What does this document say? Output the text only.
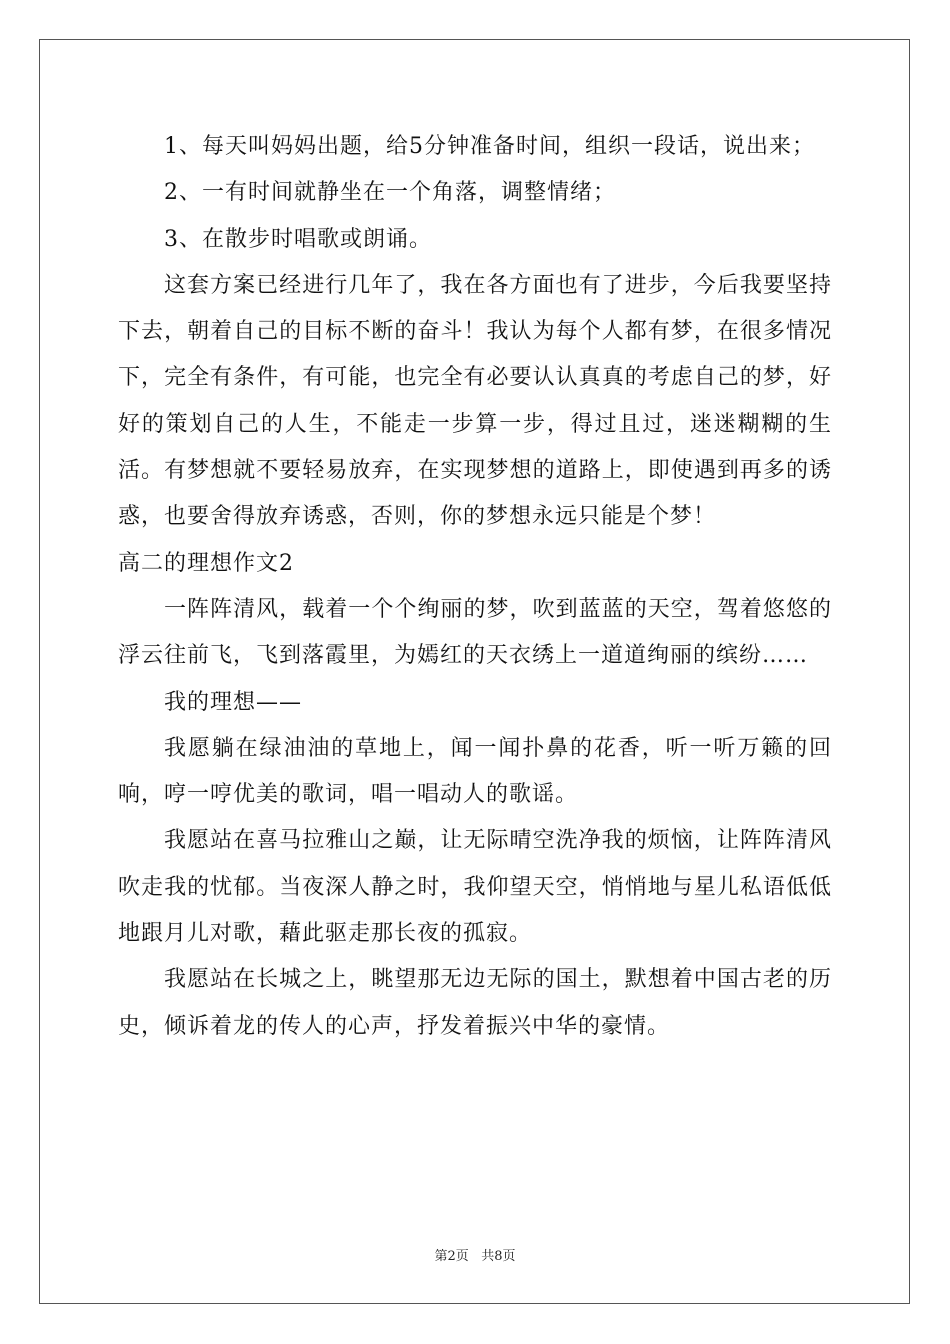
1、每天叫妈妈出题，给5分钟准备时间，组织一段话，说出来；

2、一有时间就静坐在一个角落，调整情绪；

3、在散步时唱歌或朗诵。

这套方案已经进行几年了，我在各方面也有了进步，今后我要坚持下去，朝着自己的目标不断的奋斗！我认为每个人都有梦，在很多情况下，完全有条件，有可能，也完全有必要认认真真的考虑自己的梦，好好的策划自己的人生，不能走一步算一步，得过且过，迷迷糊糊的生活。有梦想就不要轻易放弃，在实现梦想的道路上，即使遇到再多的诱惑，也要舍得放弃诱惑，否则，你的梦想永远只能是个梦！

高二的理想作文2

一阵阵清风，载着一个个绚丽的梦，吹到蓝蓝的天空，驾着悠悠的浮云往前飞，飞到落霞里，为嫣红的天衣绣上一道道绚丽的缤纷……

我的理想——

我愿躺在绿油油的草地上，闻一闻扑鼻的花香，听一听万籁的回响，哼一哼优美的歌词，唱一唱动人的歌谣。

我愿站在喜马拉雅山之巅，让无际晴空洗净我的烦恼，让阵阵清风吹走我的忧郁。当夜深人静之时，我仰望天空，悄悄地与星儿私语低低地跟月儿对歌，藉此驱走那长夜的孤寂。

我愿站在长城之上，眺望那无边无际的国土，默想着中国古老的历史，倾诉着龙的传人的心声，抒发着振兴中华的豪情。

第2页 共8页
